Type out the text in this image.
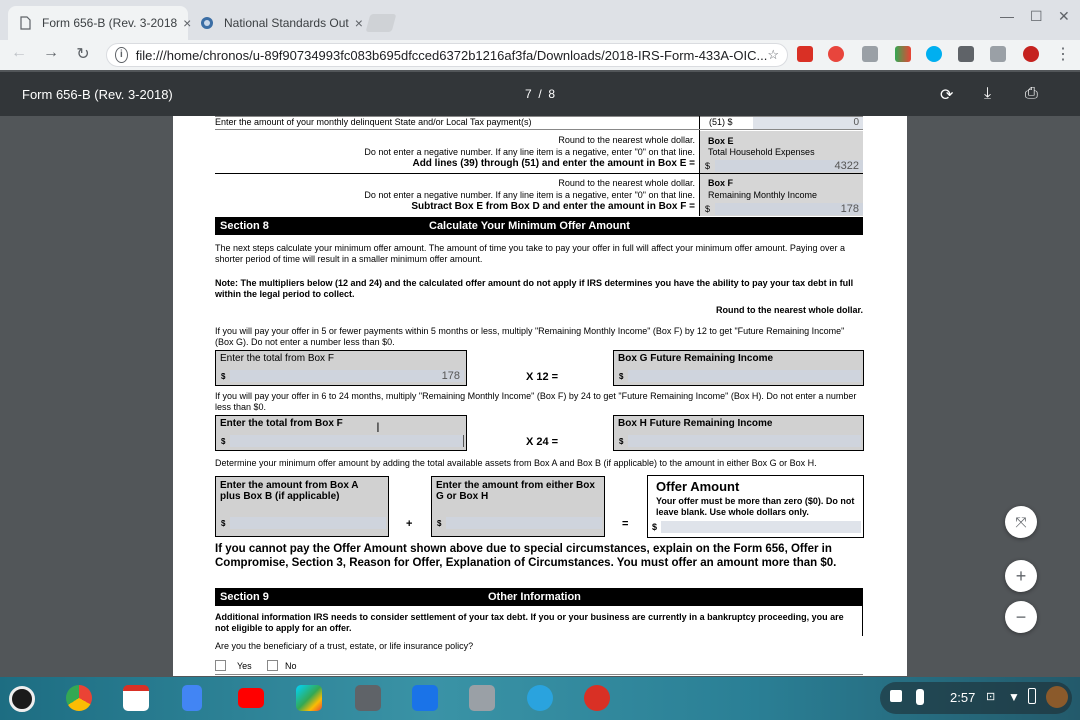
Form 656-B (Rev. 3-2018 ×	National Standards Out ×	— ☐ ✕
← → ↻	i file:///home/chronos/u-89f90734993fc083b695dfcced6372b1216af3fa/Downloads/2018-IRS-Form-433A-OIC... ☆	⋮
Form 656-B (Rev. 3-2018)	7 / 8	⟳ ⤓ ⎙
Enter the amount of your monthly delinquent State and/or Local Tax payment(s)	(51) $	0
Round to the nearest whole dollar.
Do not enter a negative number. If any line item is a negative, enter "0" on that line.
Add lines (39) through (51) and enter the amount in Box E =
Box E
Total Household Expenses
$	4322
Round to the nearest whole dollar.
Do not enter a negative number. If any line item is a negative, enter "0" on that line.
Subtract Box E from Box D and enter the amount in Box F =
Box F
Remaining Monthly Income
$	178
Section 8	Calculate Your Minimum Offer Amount
The next steps calculate your minimum offer amount. The amount of time you take to pay your offer in full will affect your minimum offer amount. Paying over a shorter period of time will result in a smaller minimum offer amount.
Note: The multipliers below (12 and 24) and the calculated offer amount do not apply if IRS determines you have the ability to pay your tax debt in full within the legal period to collect.
Round to the nearest whole dollar.
If you will pay your offer in 5 or fewer payments within 5 months or less, multiply "Remaining Monthly Income" (Box F) by 12 to get "Future Remaining Income" (Box G). Do not enter a number less than $0.
Enter the total from Box F
$	178	X 12 =
Box G Future Remaining Income
$
If you will pay your offer in 6 to 24 months, multiply "Remaining Monthly Income" (Box F) by 24 to get "Future Remaining Income" (Box H). Do not enter a number less than $0.
Enter the total from Box F
$
I
X 24 =
Box H Future Remaining Income
$
Determine your minimum offer amount by adding the total available assets from Box A and Box B (if applicable) to the amount in either Box G or Box H.
Enter the amount from Box A plus Box B (if applicable)
$	+
Enter the amount from either Box G or Box H
$	=
Offer Amount
Your offer must be more than zero ($0). Do not leave blank. Use whole dollars only.
$
If you cannot pay the Offer Amount shown above due to special circumstances, explain on the Form 656, Offer in Compromise, Section 3, Reason for Offer, Explanation of Circumstances. You must offer an amount more than $0.
Section 9	Other Information
Additional information IRS needs to consider settlement of your tax debt. If you or your business are currently in a bankruptcy proceeding, you are not eligible to apply for an offer.
Are you the beneficiary of a trust, estate, or life insurance policy?
Yes	No
⤧
+
−
2:57 ⊡ ▼
